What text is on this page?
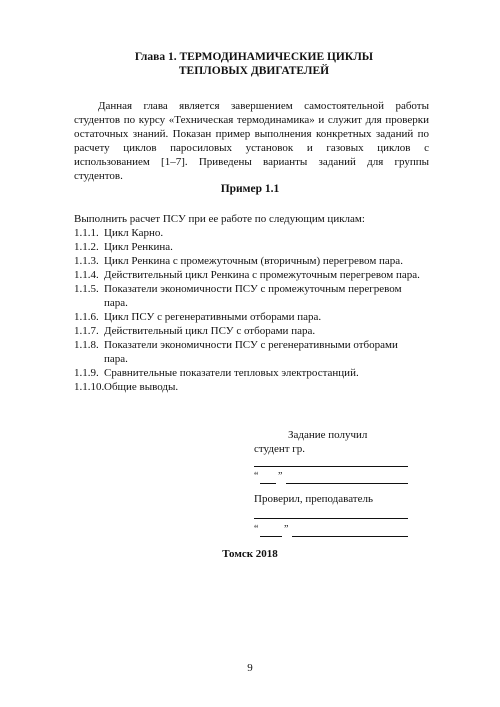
Глава 1. ТЕРМОДИНАМИЧЕСКИЕ ЦИКЛЫ
ТЕПЛОВЫХ ДВИГАТЕЛЕЙ
Данная глава является завершением самостоятельной работы студентов по курсу «Техническая термодинамика» и служит для проверки остаточных знаний. Показан пример выполнения конкретных заданий по расчету циклов паросиловых установок и газовых циклов с использованием [1–7]. Приведены варианты заданий для группы студентов.
Пример 1.1
Выполнить расчет ПСУ при ее работе по следующим циклам:
1.1.1. Цикл Карно.
1.1.2. Цикл Ренкина.
1.1.3. Цикл Ренкина с промежуточным (вторичным) перегревом пара.
1.1.4. Действительный цикл Ренкина с промежуточным перегревом пара.
1.1.5. Показатели экономичности ПСУ с промежуточным перегревом пара.
1.1.6. Цикл ПСУ с регенеративными отборами пара.
1.1.7. Действительный цикл ПСУ с отборами пара.
1.1.8. Показатели экономичности ПСУ с регенеративными отборами пара.
1.1.9. Сравнительные показатели тепловых электростанций.
1.1.10. Общие выводы.
Задание получил
студент гр.
“ ”
Проверил, преподаватель
“	”
Томск 2018
9
